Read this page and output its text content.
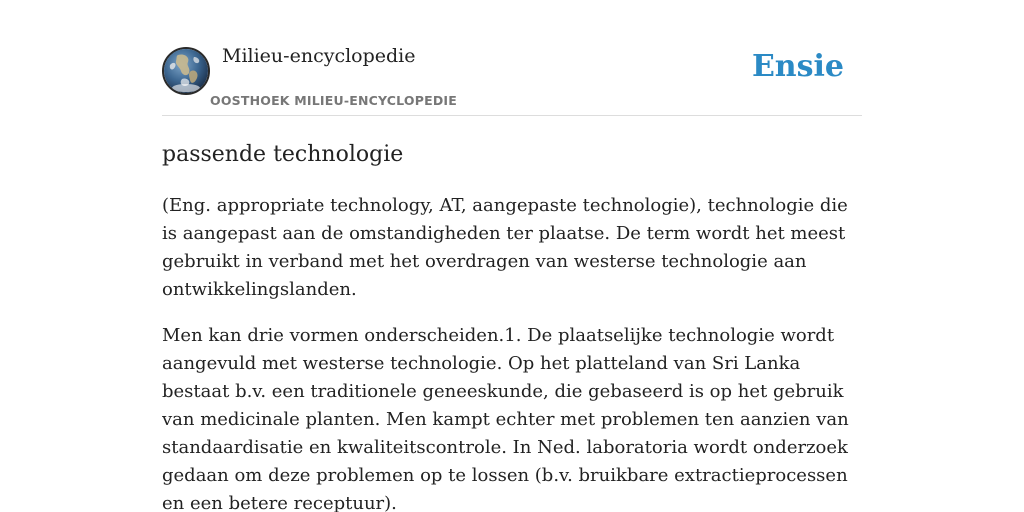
Milieu-encyclopedie
OOSTHOEK MILIEU-ENCYCLOPEDIE
Ensie
passende technologie

(Eng. appropriate technology, AT, aangepaste technologie), technologie die is aangepast aan de omstandigheden ter plaatse. De term wordt het meest gebruikt in verband met het overdragen van westerse technologie aan ontwikkelingslanden.

Men kan drie vormen onderscheiden.1. De plaatselijke technologie wordt aangevuld met westerse technologie. Op het platteland van Sri Lanka bestaat b.v. een traditionele geneeskunde, die gebaseerd is op het gebruik van medicinale planten. Men kampt echter met problemen ten aanzien van standaardisatie en kwaliteitscontrole. In Ned. laboratoria wordt onderzoek gedaan om deze problemen op te lossen (b.v. bruikbare extractieprocessen en een betere receptuur).
